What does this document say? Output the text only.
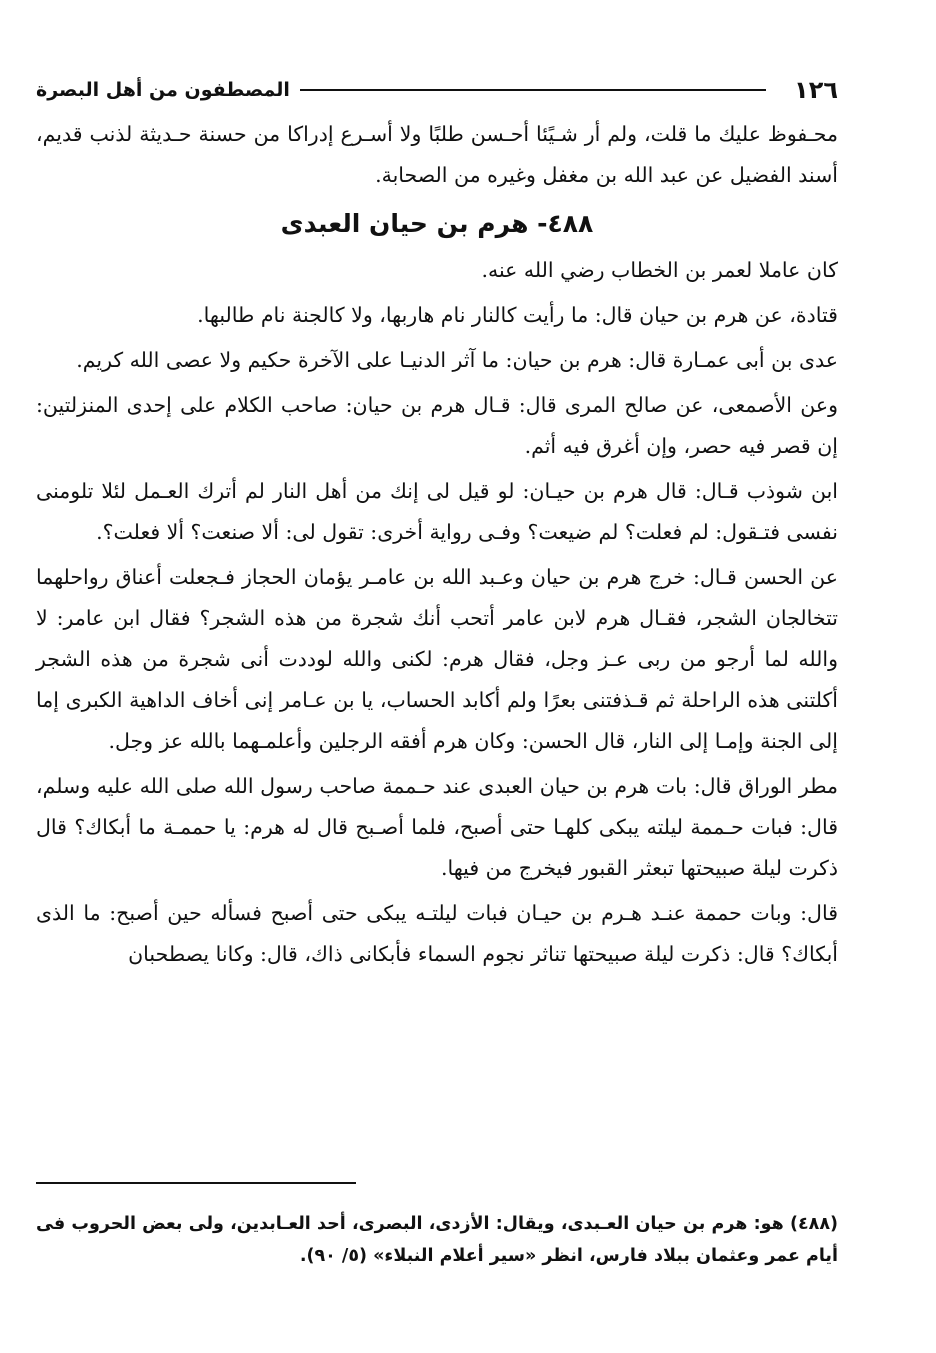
١٢٦
المصطفون من أهل البصرة

محـفوظ عليك ما قلت، ولم أر شـيًئا أحـسن طلبًا ولا أسـرع إدراكا من حسنة حـديثة لذنب قديم، أسند الفضيل عن عبد الله بن مغفل وغيره من الصحابة.

٤٨٨- هرم بن حيان العبدى

كان عاملا لعمر بن الخطاب رضي الله عنه.

قتادة، عن هرم بن حيان قال: ما رأيت كالنار نام هاربها، ولا كالجنة نام طالبها.

عدى بن أبى عمـارة قال: هرم بن حيان: ما آثر الدنيـا على الآخرة حكيم ولا عصى الله كريم.

وعن الأصمعى، عن صالح المرى قال: قـال هرم بن حيان: صاحب الكلام على إحدى المنزلتين: إن قصر فيه حصر، وإن أغرق فيه أثم.

ابن شوذب قـال: قال هرم بن حيـان: لو قيل لى إنك من أهل النار لم أترك العـمل لئلا تلومنى نفسى فتـقول: لم فعلت؟ لم ضيعت؟ وفـى رواية أخرى: تقول لى: ألا صنعت؟ ألا فعلت؟.

عن الحسن قـال: خرج هرم بن حيان وعـبد الله بن عامـر يؤمان الحجاز فـجعلت أعناق رواحلهما تتخالجان الشجر، فقـال هرم لابن عامر أتحب أنك شجرة من هذه الشجر؟ فقال ابن عامر: لا والله لما أرجو من ربى عـز وجل، فقال هرم: لكنى والله لوددت أنى شجرة من هذه الشجر أكلتنى هذه الراحلة ثم قـذفتنى بعرًا ولم أكابد الحساب، يا بن عـامر إنى أخاف الداهية الكبرى إما إلى الجنة وإمـا إلى النار، قال الحسن: وكان هرم أفقه الرجلين وأعلمـهما بالله عز وجل.

مطر الوراق قال: بات هرم بن حيان العبدى عند حـممة صاحب رسول الله صلى الله عليه وسلم، قال: فبات حـممة ليلته يبكى كلهـا حتى أصبح، فلما أصـبح قال له هرم: يا حممـة ما أبكاك؟ قال ذكرت ليلة صبيحتها تبعثر القبور فيخرج من فيها.

قال: وبات حممة عنـد هـرم بن حيـان فبات ليلتـه يبكى حتى أصبح فسأله حين أصبح: ما الذى أبكاك؟ قال: ذكرت ليلة صبيحتها تناثر نجوم السماء فأبكانى ذاك، قال: وكانا يصطحبان

(٤٨٨) هو: هرم بن حيان العـبدى، ويقال: الأزدى، البصرى، أحد العـابدين، ولى بعض الحروب فى أيام عمر وعثمان ببلاد فارس، انظر «سير أعلام النبلاء» (٥/ ٩٠).
